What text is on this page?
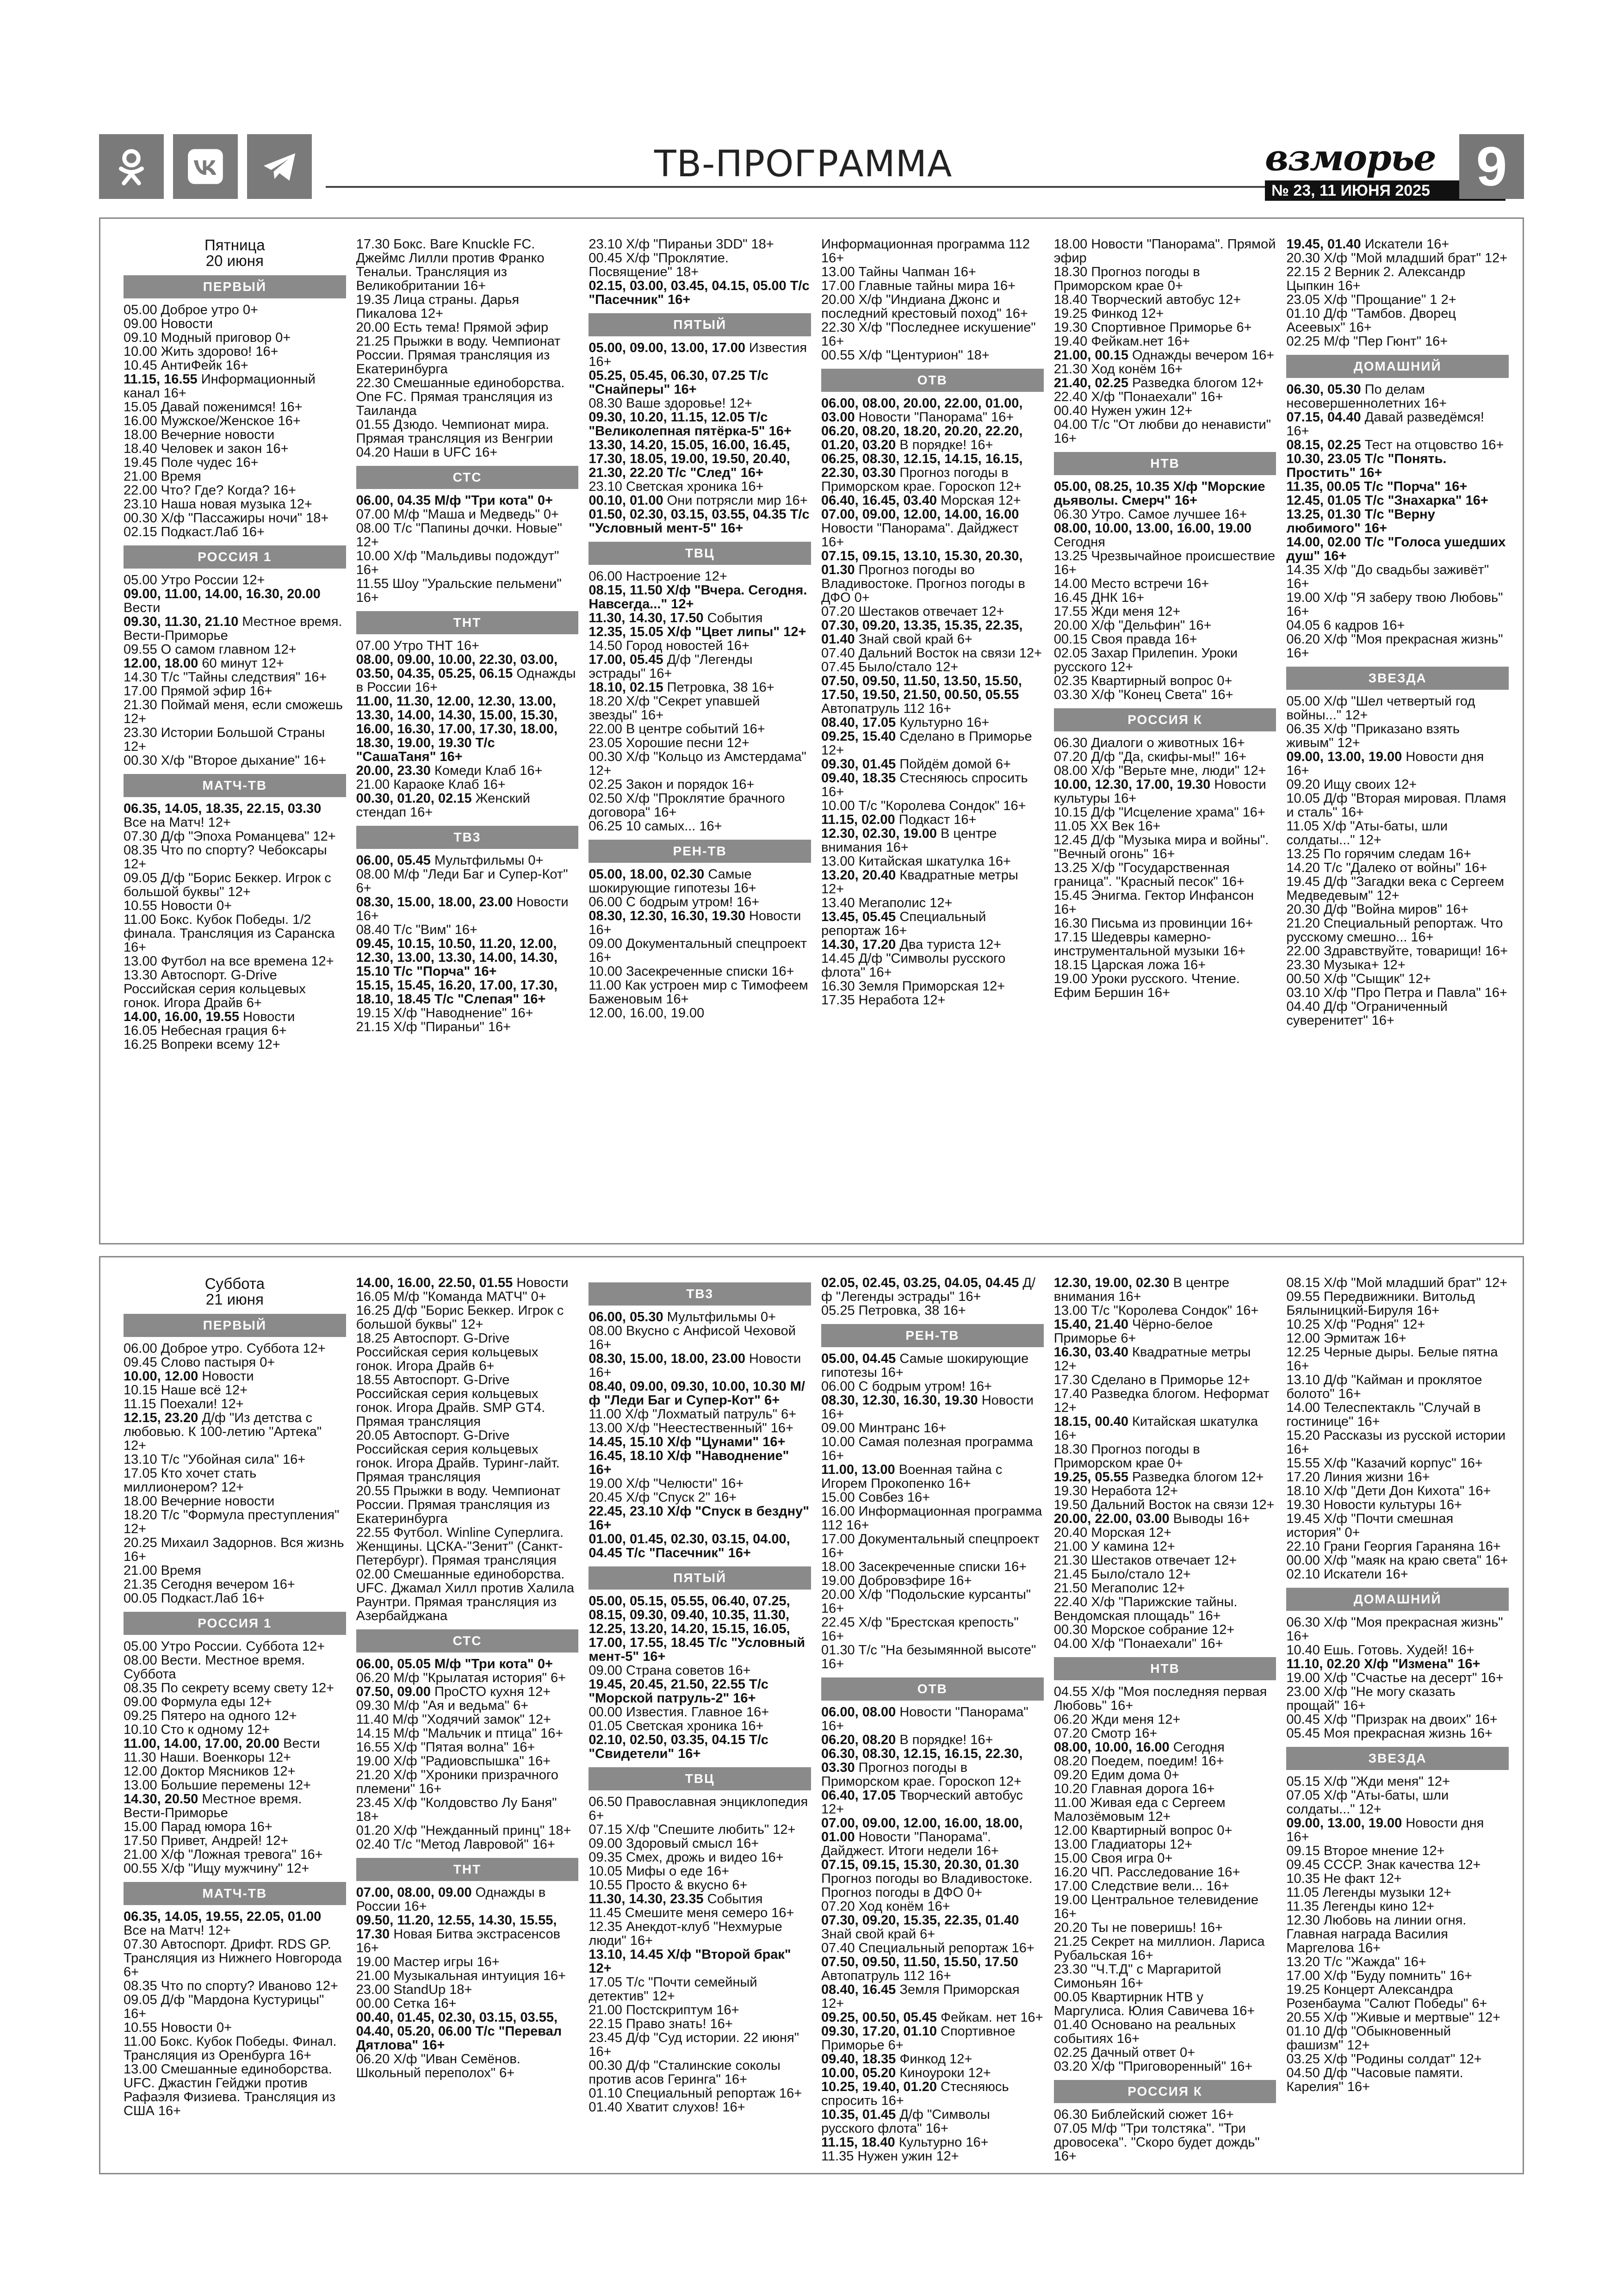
ТВ-ПРОГРАММА	взморье
№ 23, 11 ИЮНЯ 2025 9
Пятница
20 июня
ПЕРВЫЙ
05.00 Доброе утро 0+
09.00 Новости
09.10 Модный приговор 0+
10.00 Жить здорово! 16+
10.45 АнтиФейк 16+
11.15, 16.55 Информационный канал 16+
15.05 Давай поженимся! 16+
16.00 Мужское/Женское 16+
18.00 Вечерние новости
18.40 Человек и закон 16+
19.45 Поле чудес 16+
21.00 Время
22.00 Что? Где? Когда? 16+
23.10 Наша новая музыка 12+
00.30 Х/ф "Пассажиры ночи" 18+
02.15 Подкаст.Лаб 16+
РОССИЯ 1
05.00 Утро России 12+
09.00, 11.00, 14.00, 16.30, 20.00 Вести
09.30, 11.30, 21.10 Местное время. Вести-Приморье
09.55 О самом главном 12+
12.00, 18.00 60 минут 12+
14.30 Т/с "Тайны следствия" 16+
17.00 Прямой эфир 16+
21.30 Поймай меня, если сможешь 12+
23.30 Истории Большой Страны 12+
00.30 Х/ф "Второе дыхание" 16+
МАТЧ-ТВ
06.35, 14.05, 18.35, 22.15, 03.30 Все на Матч! 12+
07.30 Д/ф "Эпоха Романцева" 12+
08.35 Что по спорту? Чебоксары 12+
09.05 Д/ф "Борис Беккер. Игрок с большой буквы" 12+
10.55 Новости 0+
11.00 Бокс. Кубок Победы. 1/2 финала. Трансляция из Саранска 16+
13.00 Футбол на все времена 12+
13.30 Автоспорт. G-Drive Российская серия кольцевых гонок. Игора Драйв 6+
14.00, 16.00, 19.55 Новости
16.05 Небесная грация 6+
16.25 Вопреки всему 12+
17.30 Бокс. Bare Knuckle FC. Джеймс Лилли против Франко Тенальи. Трансляция из Великобритании 16+
19.35 Лица страны. Дарья Пикалова 12+
20.00 Есть тема! Прямой эфир
21.25 Прыжки в воду. Чемпионат России. Прямая трансляция из Екатеринбурга
22.30 Смешанные единоборства. One FC. Прямая трансляция из Таиланда
01.55 Дзюдо. Чемпионат мира. Прямая трансляция из Венгрии
04.20 Наши в UFC 16+
СТС
06.00, 04.35 М/ф "Три кота" 0+
07.00 М/ф "Маша и Медведь" 0+
08.00 Т/с "Папины дочки. Новые" 12+
10.00 Х/ф "Мальдивы подождут" 16+
11.55 Шоу "Уральские пельмени" 16+
ТНТ
07.00 Утро ТНТ 16+
08.00, 09.00, 10.00, 22.30, 03.00, 03.50, 04.35, 05.25, 06.15 Однажды в России 16+
11.00, 11.30, 12.00, 12.30, 13.00, 13.30, 14.00, 14.30, 15.00, 15.30, 16.00, 16.30, 17.00, 17.30, 18.00, 18.30, 19.00, 19.30 Т/с "СашаТаня" 16+
20.00, 23.30 Комеди Клаб 16+
21.00 Караоке Клаб 16+
00.30, 01.20, 02.15 Женский стендап 16+
ТВ3
06.00, 05.45 Мультфильмы 0+
08.00 М/ф "Леди Баг и Супер-Кот" 6+
08.30, 15.00, 18.00, 23.00 Новости 16+
08.40 Т/с "Вим" 16+
09.45, 10.15, 10.50, 11.20, 12.00, 12.30, 13.00, 13.30, 14.00, 14.30, 15.10 Т/с "Порча" 16+
15.15, 15.45, 16.20, 17.00, 17.30, 18.10, 18.45 Т/с "Слепая" 16+
19.15 Х/ф "Наводнение" 16+
21.15 Х/ф "Пираньи" 16+
23.10 Х/ф "Пираньи 3DD" 18+
00.45 Х/ф "Проклятие. Посвящение" 18+
02.15, 03.00, 03.45, 04.15, 05.00 Т/с "Пасечник" 16+
ПЯТЫЙ
05.00, 09.00, 13.00, 17.00 Известия 16+
05.25, 05.45, 06.30, 07.25 Т/с "Снайперы" 16+
08.30 Ваше здоровье! 12+
09.30, 10.20, 11.15, 12.05 Т/с "Великолепная пятёрка-5" 16+
13.30, 14.20, 15.05, 16.00, 16.45, 17.30, 18.05, 19.00, 19.50, 20.40, 21.30, 22.20 Т/с "След" 16+
23.10 Светская хроника 16+
00.10, 01.00 Они потрясли мир 16+
01.50, 02.30, 03.15, 03.55, 04.35 Т/с "Условный мент-5" 16+
ТВЦ
06.00 Настроение 12+
08.15, 11.50 Х/ф "Вчера. Сегодня. Навсегда..." 12+
11.30, 14.30, 17.50 События
12.35, 15.05 Х/ф "Цвет липы" 12+
14.50 Город новостей 16+
17.00, 05.45 Д/ф "Легенды эстрады" 16+
18.10, 02.15 Петровка, 38 16+
18.20 Х/ф "Секрет упавшей звезды" 16+
22.00 В центре событий 16+
23.05 Хорошие песни 12+
00.30 Х/ф "Кольцо из Амстердама" 12+
02.25 Закон и порядок 16+
02.50 Х/ф "Проклятие брачного договора" 16+
06.25 10 самых... 16+
РЕН-ТВ
05.00, 18.00, 02.30 Самые шокирующие гипотезы 16+
06.00 С бодрым утром! 16+
08.30, 12.30, 16.30, 19.30 Новости 16+
09.00 Документальный спецпроект 16+
10.00 Засекреченные списки 16+
11.00 Как устроен мир с Тимофеем Баженовым 16+
12.00, 16.00, 19.00
Информационная программа 112 16+
13.00 Тайны Чапман 16+
17.00 Главные тайны мира 16+
20.00 Х/ф "Индиана Джонс и последний крестовый поход" 16+
22.30 Х/ф "Последнее искушение" 16+
00.55 Х/ф "Центурион" 18+
ОТВ
06.00, 08.00, 20.00, 22.00, 01.00, 03.00 Новости "Панорама" 16+
06.20, 08.20, 18.20, 20.20, 22.20, 01.20, 03.20 В порядке! 16+
06.25, 08.30, 12.15, 14.15, 16.15, 22.30, 03.30 Прогноз погоды в Приморском крае. Гороскоп 12+
06.40, 16.45, 03.40 Морская 12+
07.00, 09.00, 12.00, 14.00, 16.00 Новости "Панорама". Дайджест 16+
07.15, 09.15, 13.10, 15.30, 20.30, 01.30 Прогноз погоды во Владивостоке. Прогноз погоды в ДФО 0+
07.20 Шестаков отвечает 12+
07.30, 09.20, 13.35, 15.35, 22.35, 01.40 Знай свой край 6+
07.40 Дальний Восток на связи 12+
07.45 Было/стало 12+
07.50, 09.50, 11.50, 13.50, 15.50, 17.50, 19.50, 21.50, 00.50, 05.55 Автопатруль 112 16+
08.40, 17.05 Культурно 16+
09.25, 15.40 Сделано в Приморье 12+
09.30, 01.45 Пойдём домой 6+
09.40, 18.35 Стесняюсь спросить 16+
10.00 Т/с "Королева Сондок" 16+
11.15, 02.00 Подкаст 16+
12.30, 02.30, 19.00 В центре внимания 16+
13.00 Китайская шкатулка 16+
13.20, 20.40 Квадратные метры 12+
13.40 Мегаполис 12+
13.45, 05.45 Специальный репортаж 16+
14.30, 17.20 Два туриста 12+
14.45 Д/ф "Символы русского флота" 16+
16.30 Земля Приморская 12+
17.35 Неработа 12+
18.00 Новости "Панорама". Прямой эфир
18.30 Прогноз погоды в Приморском крае 0+
18.40 Творческий автобус 12+
19.25 Финкод 12+
19.30 Спортивное Приморье 6+
19.40 Фейкам.нет 16+
21.00, 00.15 Однажды вечером 16+
21.30 Ход конём 16+
21.40, 02.25 Разведка блогом 12+
22.40 Х/ф "Понаехали" 16+
00.40 Нужен ужин 12+
04.00 Т/с "От любви до ненависти" 16+
НТВ
05.00, 08.25, 10.35 Х/ф "Морские дьяволы. Смерч" 16+
06.30 Утро. Самое лучшее 16+
08.00, 10.00, 13.00, 16.00, 19.00 Сегодня
13.25 Чрезвычайное происшествие 16+
14.00 Место встречи 16+
16.45 ДНК 16+
17.55 Жди меня 12+
20.00 Х/ф "Дельфин" 16+
00.15 Своя правда 16+
02.05 Захар Прилепин. Уроки русского 12+
02.35 Квартирный вопрос 0+
03.30 Х/ф "Конец Света" 16+
РОССИЯ К
06.30 Диалоги о животных 16+
07.20 Д/ф "Да, скифы-мы!" 16+
08.00 Х/ф "Верьте мне, люди" 12+
10.00, 12.30, 17.00, 19.30 Новости культуры 16+
10.15 Д/ф "Исцеление храма" 16+
11.05 XX Век 16+
12.45 Д/ф "Музыка мира и войны". "Вечный огонь" 16+
13.25 Х/ф "Государственная граница". "Красный песок" 16+
15.45 Энигма. Гектор Инфансон 16+
16.30 Письма из провинции 16+
17.15 Шедевры камерно-инструментальной музыки 16+
18.15 Царская ложа 16+
19.00 Уроки русского. Чтение. Ефим Бершин 16+
19.45, 01.40 Искатели 16+
20.30 Х/ф "Мой младший брат" 12+
22.15 2 Верник 2. Александр Цыпкин 16+
23.05 Х/ф "Прощание" 1 2+
01.10 Д/ф "Тамбов. Дворец Асеевых" 16+
02.25 М/ф "Пер Гюнт" 16+
ДОМАШНИЙ
06.30, 05.30 По делам несовершеннолетних 16+
07.15, 04.40 Давай разведёмся! 16+
08.15, 02.25 Тест на отцовство 16+
10.30, 23.05 Т/с "Понять. Простить" 16+
11.35, 00.05 Т/с "Порча" 16+
12.45, 01.05 Т/с "Знахарка" 16+
13.25, 01.30 Т/с "Верну любимого" 16+
14.00, 02.00 Т/с "Голоса ушедших душ" 16+
14.35 Х/ф "До свадьбы заживёт" 16+
19.00 Х/ф "Я заберу твою Любовь" 16+
04.05 6 кадров 16+
06.20 Х/ф "Моя прекрасная жизнь" 16+
ЗВЕЗДА
05.00 Х/ф "Шел четвертый год войны..." 12+
06.35 Х/ф "Приказано взять живым" 12+
09.00, 13.00, 19.00 Новости дня 16+
09.20 Ищу своих 12+
10.05 Д/ф "Вторая мировая. Пламя и сталь" 16+
11.05 Х/ф "Аты-баты, шли солдаты..." 12+
13.25 По горячим следам 16+
14.20 Т/с "Далеко от войны" 16+
19.45 Д/ф "Загадки века с Сергеем Медведевым" 12+
20.30 Д/ф "Война миров" 16+
21.20 Специальный репортаж. Что русскому смешно... 16+
22.00 Здравствуйте, товарищи! 16+
23.30 Музыка+ 12+
00.50 Х/ф "Сыщик" 12+
03.10 Х/ф "Про Петра и Павла" 16+
04.40 Д/ф "Ограниченный суверенитет" 16+
Суббота
21 июня
ПЕРВЫЙ
06.00 Доброе утро. Суббота 12+
09.45 Слово пастыря 0+
10.00, 12.00 Новости
10.15 Наше всё 12+
11.15 Поехали! 12+
12.15, 23.20 Д/ф "Из детства с любовью. К 100-летию "Артека" 12+
13.10 Т/с "Убойная сила" 16+
17.05 Кто хочет стать миллионером? 12+
18.00 Вечерние новости
18.20 Т/с "Формула преступления" 12+
20.25 Михаил Задорнов. Вся жизнь 16+
21.00 Время
21.35 Сегодня вечером 16+
00.05 Подкаст.Лаб 16+
РОССИЯ 1
05.00 Утро России. Суббота 12+
08.00 Вести. Местное время. Суббота
08.35 По секрету всему свету 12+
09.00 Формула еды 12+
09.25 Пятеро на одного 12+
10.10 Сто к одному 12+
11.00, 14.00, 17.00, 20.00 Вести
11.30 Наши. Военкоры 12+
12.00 Доктор Мясников 12+
13.00 Большие перемены 12+
14.30, 20.50 Местное время. Вести-Приморье
15.00 Парад юмора 16+
17.50 Привет, Андрей! 12+
21.00 Х/ф "Ложная тревога" 16+
00.55 Х/ф "Ищу мужчину" 12+
МАТЧ-ТВ
06.35, 14.05, 19.55, 22.05, 01.00 Все на Матч! 12+
07.30 Автоспорт. Дрифт. RDS GP. Трансляция из Нижнего Новгорода 6+
08.35 Что по спорту? Иваново 12+
09.05 Д/ф "Мардона Кустурицы" 16+
10.55 Новости 0+
11.00 Бокс. Кубок Победы. Финал. Трансляция из Оренбурга 16+
13.00 Смешанные единоборства. UFC. Джастин Гейджи против Рафаэля Физиева. Трансляция из США 16+
14.00, 16.00, 22.50, 01.55 Новости
16.05 М/ф "Команда МАТЧ" 0+
16.25 Д/ф "Борис Беккер. Игрок с большой буквы" 12+
18.25 Автоспорт. G-Drive Российская серия кольцевых гонок. Игора Драйв 6+
18.55 Автоспорт. G-Drive Российская серия кольцевых гонок. Игора Драйв. SMP GT4. Прямая трансляция
20.05 Автоспорт. G-Drive Российская серия кольцевых гонок. Игора Драйв. Туринг-лайт. Прямая трансляция
20.55 Прыжки в воду. Чемпионат России. Прямая трансляция из Екатеринбурга
22.55 Футбол. Winline Суперлига. Женщины. ЦСКА-"Зенит" (Санкт-Петербург). Прямая трансляция
02.00 Смешанные единоборства. UFC. Джамал Хилл против Халила Раунтри. Прямая трансляция из Азербайджана
СТС
06.00, 05.05 М/ф "Три кота" 0+
06.20 М/ф "Крылатая история" 6+
07.50, 09.00 ПроСТО кухня 12+
09.30 М/ф "Ая и ведьма" 6+
11.40 М/ф "Ходячий замок" 12+
14.15 М/ф "Мальчик и птица" 16+
16.55 Х/ф "Пятая волна" 16+
19.00 Х/ф "Радиовспышка" 16+
21.20 Х/ф "Хроники призрачного племени" 16+
23.45 Х/ф "Колдовство Лу Баня" 18+
01.20 Х/ф "Нежданный принц" 18+
02.40 Т/с "Метод Лавровой" 16+
ТНТ
07.00, 08.00, 09.00 Однажды в России 16+
09.50, 11.20, 12.55, 14.30, 15.55, 17.30 Новая Битва экстрасенсов 16+
19.00 Мастер игры 16+
21.00 Музыкальная интуиция 16+
23.00 StandUp 18+
00.00 Сетка 16+
00.40, 01.45, 02.30, 03.15, 03.55, 04.40, 05.20, 06.00 Т/с "Перевал Дятлова" 16+
06.20 Х/ф "Иван Семёнов. Школьный переполох" 6+
ТВ3
06.00, 05.30 Мультфильмы 0+
08.00 Вкусно с Анфисой Чеховой 16+
08.30, 15.00, 18.00, 23.00 Новости 16+
08.40, 09.00, 09.30, 10.00, 10.30 М/ф "Леди Баг и Супер-Кот" 6+
11.00 Х/ф "Лохматый патруль" 6+
13.00 Х/ф "Неестественный" 16+
14.45, 15.10 Х/ф "Цунами" 16+
16.45, 18.10 Х/ф "Наводнение" 16+
19.00 Х/ф "Челюсти" 16+
20.45 Х/ф "Спуск 2" 16+
22.45, 23.10 Х/ф "Спуск в бездну" 16+
01.00, 01.45, 02.30, 03.15, 04.00, 04.45 Т/с "Пасечник" 16+
ПЯТЫЙ
05.00, 05.15, 05.55, 06.40, 07.25, 08.15, 09.30, 09.40, 10.35, 11.30, 12.25, 13.20, 14.20, 15.15, 16.05, 17.00, 17.55, 18.45 Т/с "Условный мент-5" 16+
09.00 Страна советов 16+
19.45, 20.45, 21.50, 22.55 Т/с "Морской патруль-2" 16+
00.00 Известия. Главное 16+
01.05 Светская хроника 16+
02.10, 02.50, 03.35, 04.15 Т/с "Свидетели" 16+
ТВЦ
06.50 Православная энциклопедия 6+
07.15 Х/ф "Спешите любить" 12+
09.00 Здоровый смысл 16+
09.35 Смех, дрожь и видео 16+
10.05 Мифы о еде 16+
10.55 Просто & вкусно 6+
11.30, 14.30, 23.35 События
11.45 Смешите меня семеро 16+
12.35 Анекдот-клуб "Нехмурые люди" 16+
13.10, 14.45 Х/ф "Второй брак" 12+
17.05 Т/с "Почти семейный детектив" 12+
21.00 Постскриптум 16+
22.15 Право знать! 16+
23.45 Д/ф "Суд истории. 22 июня" 16+
00.30 Д/ф "Сталинские соколы против асов Геринга" 16+
01.10 Специальный репортаж 16+
01.40 Хватит слухов! 16+
02.05, 02.45, 03.25, 04.05, 04.45 Д/ф "Легенды эстрады" 16+
05.25 Петровка, 38 16+
РЕН-ТВ
05.00, 04.45 Самые шокирующие гипотезы 16+
06.00 С бодрым утром! 16+
08.30, 12.30, 16.30, 19.30 Новости 16+
09.00 Минтранс 16+
10.00 Самая полезная программа 16+
11.00, 13.00 Военная тайна с Игорем Прокопенко 16+
15.00 Совбез 16+
16.00 Информационная программа 112 16+
17.00 Документальный спецпроект 16+
18.00 Засекреченные списки 16+
19.00 Добровэфире 16+
20.00 Х/ф "Подольские курсанты" 16+
22.45 Х/ф "Брестская крепость" 16+
01.30 Т/с "На безымянной высоте" 16+
ОТВ
06.00, 08.00 Новости "Панорама" 16+
06.20, 08.20 В порядке! 16+
06.30, 08.30, 12.15, 16.15, 22.30, 03.30 Прогноз погоды в Приморском крае. Гороскоп 12+
06.40, 17.05 Творческий автобус 12+
07.00, 09.00, 12.00, 16.00, 18.00, 01.00 Новости "Панорама". Дайджест. Итоги недели 16+
07.15, 09.15, 15.30, 20.30, 01.30 Прогноз погоды во Владивостоке. Прогноз погоды в ДФО 0+
07.20 Ход конём 16+
07.30, 09.20, 15.35, 22.35, 01.40 Знай свой край 6+
07.40 Специальный репортаж 16+
07.50, 09.50, 11.50, 15.50, 17.50 Автопатруль 112 16+
08.40, 16.45 Земля Приморская 12+
09.25, 00.50, 05.45 Фейкам. нет 16+
09.30, 17.20, 01.10 Спортивное Приморье 6+
09.40, 18.35 Финкод 12+
10.00, 05.20 Киноуроки 12+
10.25, 19.40, 01.20 Стесняюсь спросить 16+
10.35, 01.45 Д/ф "Символы русского флота" 16+
11.15, 18.40 Культурно 16+
11.35 Нужен ужин 12+
12.30, 19.00, 02.30 В центре внимания 16+
13.00 Т/с "Королева Сондок" 16+
15.40, 21.40 Чёрно-белое Приморье 6+
16.30, 03.40 Квадратные метры 12+
17.30 Сделано в Приморье 12+
17.40 Разведка блогом. Неформат 12+
18.15, 00.40 Китайская шкатулка 16+
18.30 Прогноз погоды в Приморском крае 0+
19.25, 05.55 Разведка блогом 12+
19.30 Неработа 12+
19.50 Дальний Восток на связи 12+
20.00, 22.00, 03.00 Выводы 16+
20.40 Морская 12+
21.00 У камина 12+
21.30 Шестаков отвечает 12+
21.45 Было/стало 12+
21.50 Мегаполис 12+
22.40 Х/ф "Парижские тайны. Вендомская площадь" 16+
00.30 Морское собрание 12+
04.00 Х/ф "Понаехали" 16+
НТВ
04.55 Х/ф "Моя последняя первая Любовь" 16+
06.20 Жди меня 12+
07.20 Смотр 16+
08.00, 10.00, 16.00 Сегодня
08.20 Поедем, поедим! 16+
09.20 Едим дома 0+
10.20 Главная дорога 16+
11.00 Живая еда с Сергеем Малозёмовым 12+
12.00 Квартирный вопрос 0+
13.00 Гладиаторы 12+
15.00 Своя игра 0+
16.20 ЧП. Расследование 16+
17.00 Следствие вели... 16+
19.00 Центральное телевидение 16+
20.20 Ты не поверишь! 16+
21.25 Секрет на миллион. Лариса Рубальская 16+
23.30 "Ч.Т.Д" с Маргаритой Симоньян 16+
00.05 Квартирник НТВ у Маргулиса. Юлия Савичева 16+
01.40 Основано на реальных событиях 16+
02.25 Дачный ответ 0+
03.20 Х/ф "Приговоренный" 16+
РОССИЯ К
06.30 Библейский сюжет 16+
07.05 М/ф "Три толстяка". "Три дровосека". "Скоро будет дождь" 16+
08.15 Х/ф "Мой младший брат" 12+
09.55 Передвижники. Витольд Бялыницкий-Бируля 16+
10.25 Х/ф "Родня" 12+
12.00 Эрмитаж 16+
12.25 Черные дыры. Белые пятна 16+
13.10 Д/ф "Кайман и проклятое болото" 16+
14.00 Телеспектакль "Случай в гостинице" 16+
15.20 Рассказы из русской истории 16+
15.55 Х/ф "Казачий корпус" 16+
17.20 Линия жизни 16+
18.10 Х/ф "Дети Дон Кихота" 16+
19.30 Новости культуры 16+
19.45 Х/ф "Почти смешная история" 0+
22.10 Грани Георгия Гараняна 16+
00.00 Х/ф "маяк на краю света" 16+
02.10 Искатели 16+
ДОМАШНИЙ
06.30 Х/ф "Моя прекрасная жизнь" 16+
10.40 Ешь. Готовь. Худей! 16+
11.10, 02.20 Х/ф "Измена" 16+
19.00 Х/ф "Счастье на десерт" 16+
23.00 Х/ф "Не могу сказать прощай" 16+
00.45 Х/ф "Призрак на двоих" 16+
05.45 Моя прекрасная жизнь 16+
ЗВЕЗДА
05.15 Х/ф "Жди меня" 12+
07.05 Х/ф "Аты-баты, шли солдаты..." 12+
09.00, 13.00, 19.00 Новости дня 16+
09.15 Второе мнение 12+
09.45 СССР. Знак качества 12+
10.35 Не факт 12+
11.05 Легенды музыки 12+
11.35 Легенды кино 12+
12.30 Любовь на линии огня. Главная награда Василия Маргелова 16+
13.20 Т/с "Жажда" 16+
17.00 Х/ф "Буду помнить" 16+
19.25 Концерт Александра Розенбаума "Салют Победы" 6+
20.55 Х/ф "Живые и мертвые" 12+
01.10 Д/ф "Обыкновенный фашизм" 12+
03.25 Х/ф "Родины солдат" 12+
04.50 Д/ф "Часовые памяти. Карелия" 16+
